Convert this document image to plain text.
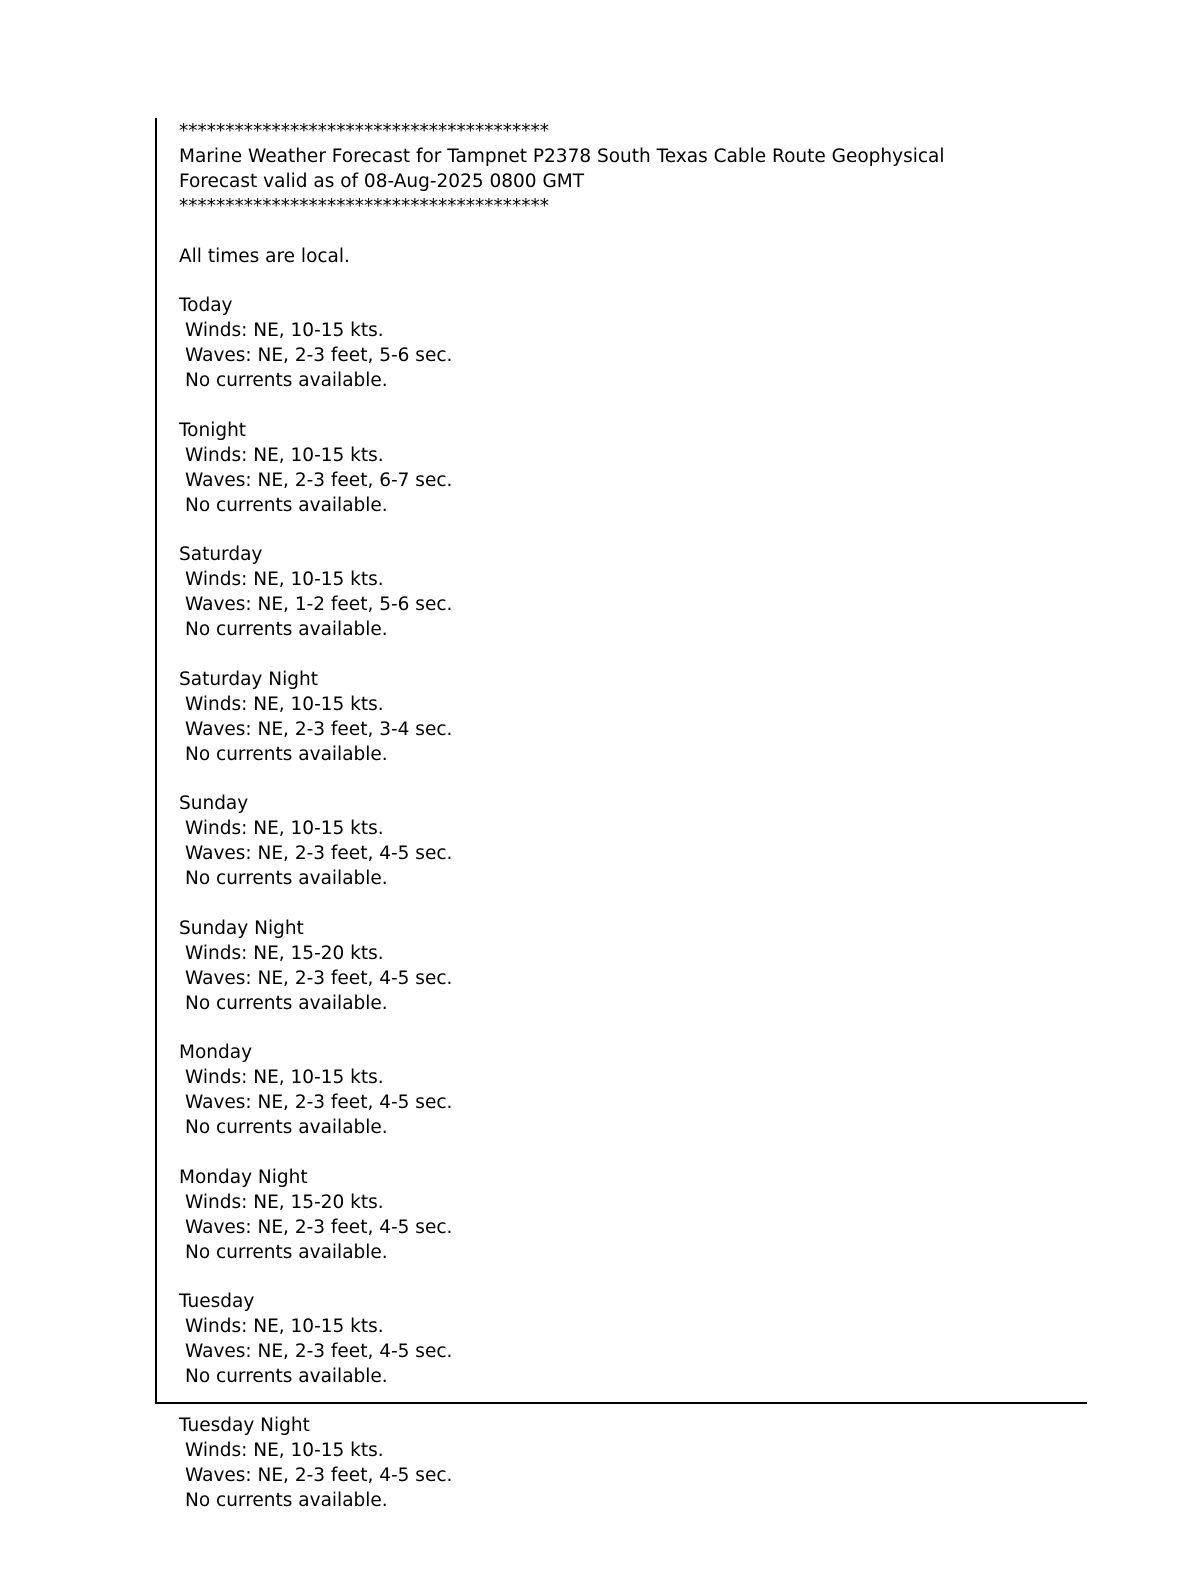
****************************************
Marine Weather Forecast for Tampnet P2378 South Texas Cable Route Geophysical
Forecast valid as of 08-Aug-2025 0800 GMT
****************************************
All times are local.
Today
Winds: NE, 10-15 kts.
Waves: NE, 2-3 feet, 5-6 sec.
No currents available.
Tonight
Winds: NE, 10-15 kts.
Waves: NE, 2-3 feet, 6-7 sec.
No currents available.
Saturday
Winds: NE, 10-15 kts.
Waves: NE, 1-2 feet, 5-6 sec.
No currents available.
Saturday Night
Winds: NE, 10-15 kts.
Waves: NE, 2-3 feet, 3-4 sec.
No currents available.
Sunday
Winds: NE, 10-15 kts.
Waves: NE, 2-3 feet, 4-5 sec.
No currents available.
Sunday Night
Winds: NE, 15-20 kts.
Waves: NE, 2-3 feet, 4-5 sec.
No currents available.
Monday
Winds: NE, 10-15 kts.
Waves: NE, 2-3 feet, 4-5 sec.
No currents available.
Monday Night
Winds: NE, 15-20 kts.
Waves: NE, 2-3 feet, 4-5 sec.
No currents available.
Tuesday
Winds: NE, 10-15 kts.
Waves: NE, 2-3 feet, 4-5 sec.
No currents available.
Tuesday Night
Winds: NE, 10-15 kts.
Waves: NE, 2-3 feet, 4-5 sec.
No currents available.
